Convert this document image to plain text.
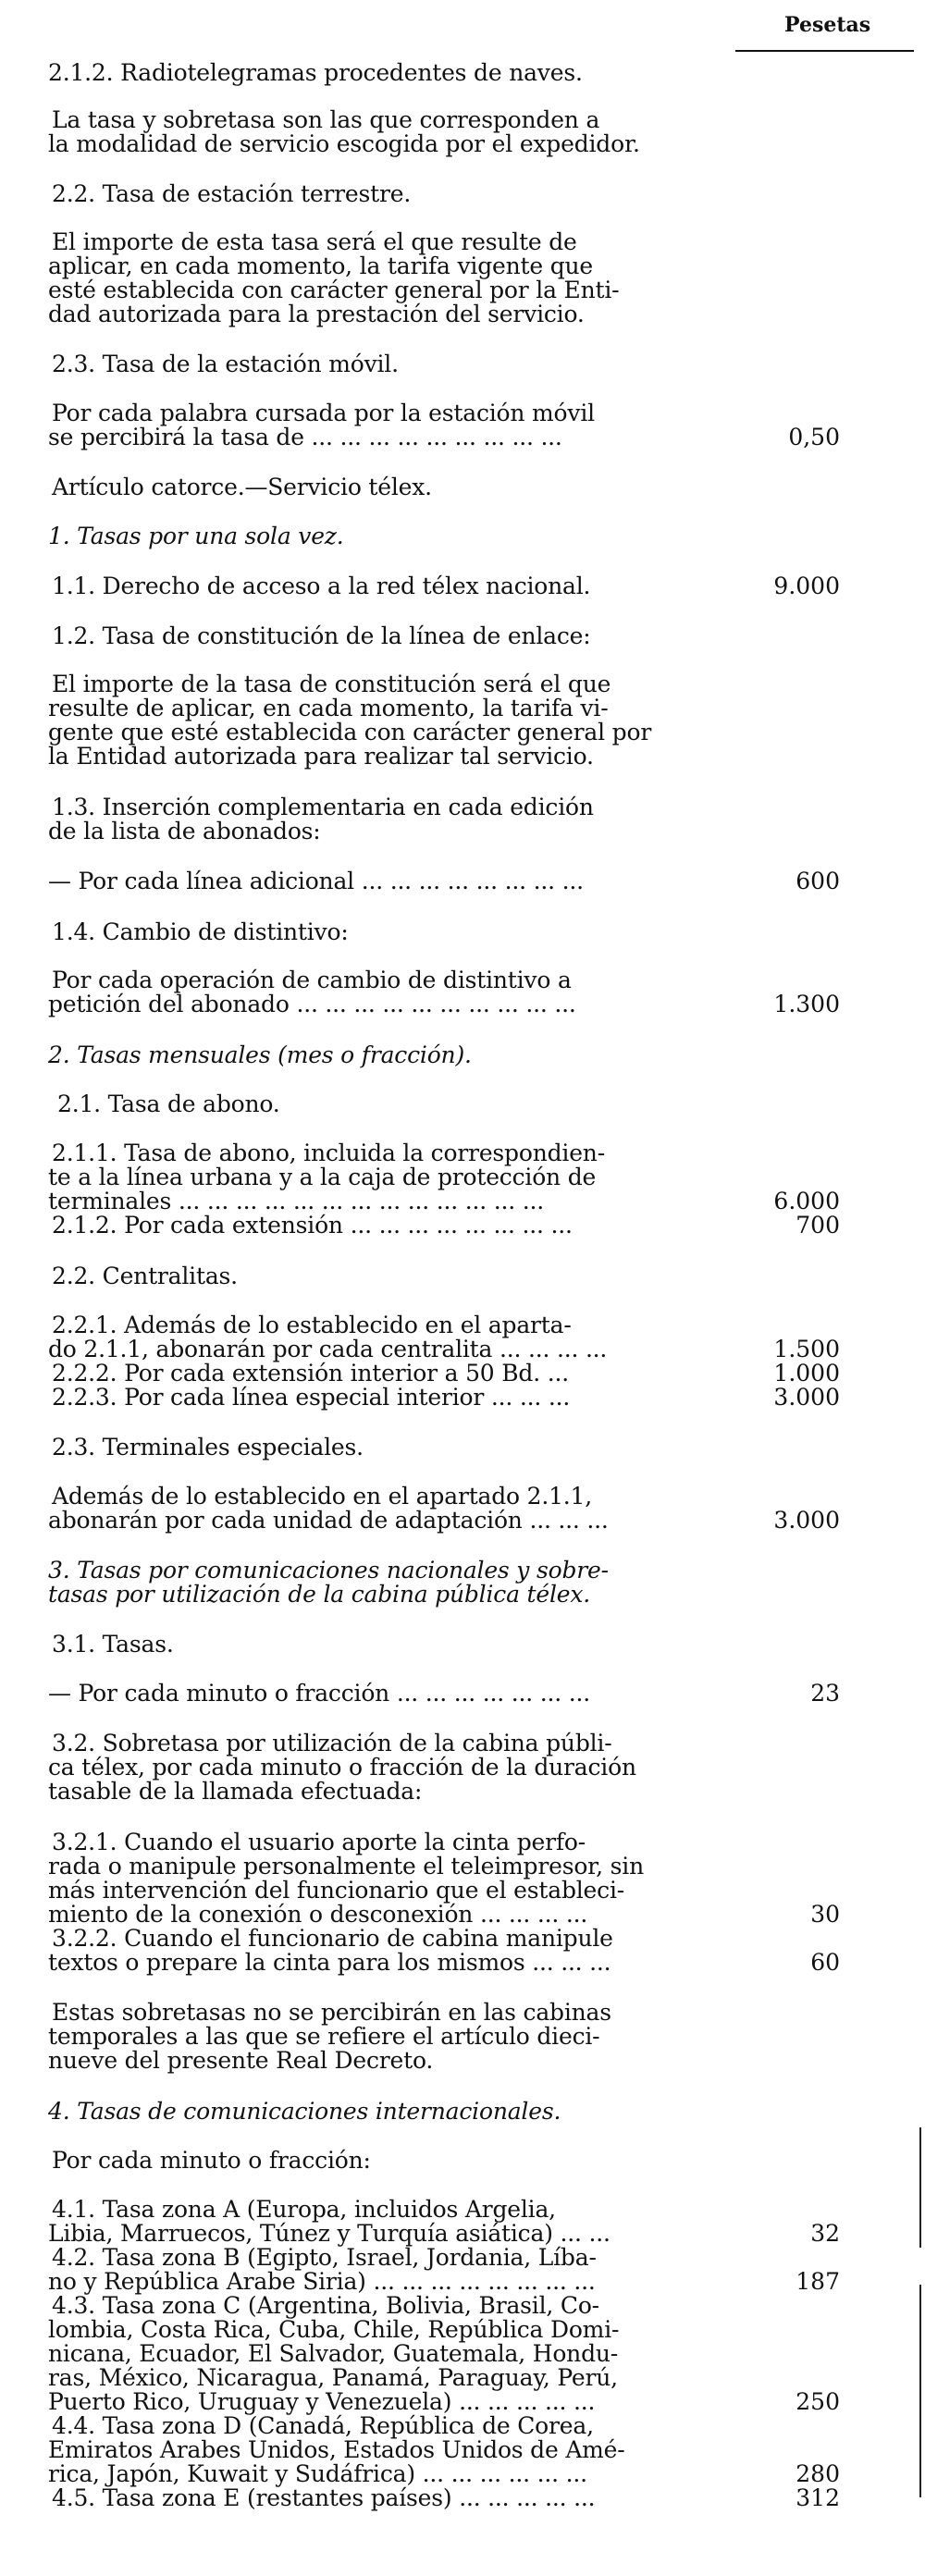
Pesetas
2.1.2. Radiotelegramas procedentes de naves.
La tasa y sobretasa son las que corresponden a
la modalidad de servicio escogida por el expedidor.
2.2. Tasa de estación terrestre.
El importe de esta tasa será el que resulte de
aplicar, en cada momento, la tarifa vigente que
esté establecida con carácter general por la Enti-
dad autorizada para la prestación del servicio.
2.3. Tasa de la estación móvil.
Por cada palabra cursada por la estación móvil
se percibirá la tasa de ... ... ... ... ... ... ... ... ...
Artículo catorce.—Servicio télex.
1. Tasas por una sola vez.
1.1. Derecho de acceso a la red télex nacional.
1.2. Tasa de constitución de la línea de enlace:
El importe de la tasa de constitución será el que
resulte de aplicar, en cada momento, la tarifa vi-
gente que esté establecida con carácter general por
la Entidad autorizada para realizar tal servicio.
1.3. Inserción complementaria en cada edición
de la lista de abonados:
— Por cada línea adicional ... ... ... ... ... ... ... ...
1.4. Cambio de distintivo:
Por cada operación de cambio de distintivo a
petición del abonado ... ... ... ... ... ... ... ... ... ...
2. Tasas mensuales (mes o fracción).
2.1. Tasa de abono.
2.1.1. Tasa de abono, incluida la correspondien-
te a la línea urbana y a la caja de protección de
terminales ... ... ... ... ... ... ... ... ... ... ... ... ...
2.1.2. Por cada extensión ... ... ... ... ... ... ... ...
2.2. Centralitas.
2.2.1. Además de lo establecido en el aparta-
do 2.1.1, abonarán por cada centralita ... ... ... ...
2.2.2. Por cada extensión interior a 50 Bd. ...
2.2.3. Por cada línea especial interior ... ... ...
2.3. Terminales especiales.
Además de lo establecido en el apartado 2.1.1,
abonarán por cada unidad de adaptación ... ... ...
3. Tasas por comunicaciones nacionales y sobre-
tasas por utilización de la cabina pública télex.
3.1. Tasas.
— Por cada minuto o fracción ... ... ... ... ... ... ...
3.2. Sobretasa por utilización de la cabina públi-
ca télex, por cada minuto o fracción de la duración
tasable de la llamada efectuada:
3.2.1. Cuando el usuario aporte la cinta perfo-
rada o manipule personalmente el teleimpresor, sin
más intervención del funcionario que el estableci-
miento de la conexión o desconexión ... ... ... ...
3.2.2. Cuando el funcionario de cabina manipule
textos o prepare la cinta para los mismos ... ... ...
Estas sobretasas no se percibirán en las cabinas
temporales a las que se refiere el artículo dieci-
nueve del presente Real Decreto.
4. Tasas de comunicaciones internacionales.
Por cada minuto o fracción:
4.1. Tasa zona A (Europa, incluidos Argelia,
Libia, Marruecos, Túnez y Turquía asiática) ... ...
4.2. Tasa zona B (Egipto, Israel, Jordania, Líba-
no y República Arabe Siria) ... ... ... ... ... ... ... ...
4.3. Tasa zona C (Argentina, Bolivia, Brasil, Co-
lombia, Costa Rica, Cuba, Chile, República Domi-
nicana, Ecuador, El Salvador, Guatemala, Hondu-
ras, México, Nicaragua, Panamá, Paraguay, Perú,
Puerto Rico, Uruguay y Venezuela) ... ... ... ... ...
4.4. Tasa zona D (Canadá, República de Corea,
Emiratos Arabes Unidos, Estados Unidos de Amé-
rica, Japón, Kuwait y Sudáfrica) ... ... ... ... ... ...
4.5. Tasa zona E (restantes países) ... ... ... ... ...
0,50
9.000
600
1.300
6.000
700
1.500
1.000
3.000
3.000
23
30
60
32
187
250
280
312
